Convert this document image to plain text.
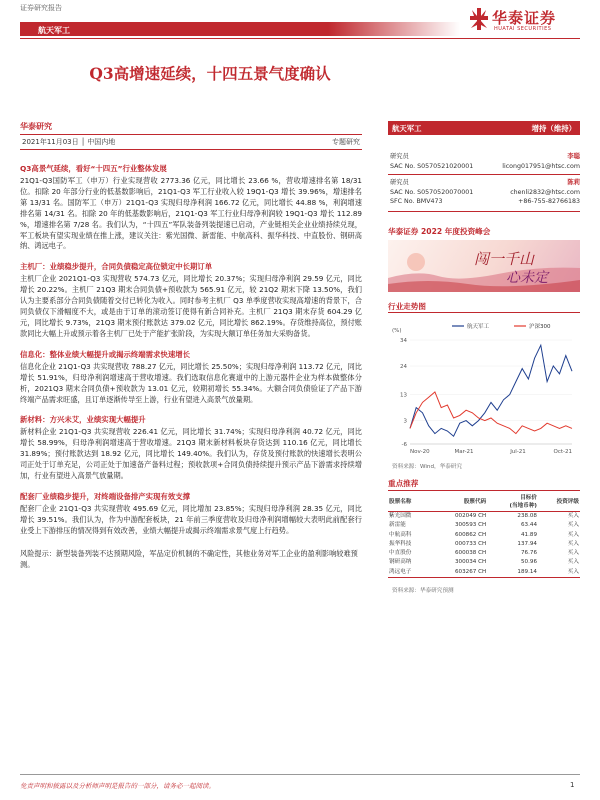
证券研究报告
航天军工
华泰证券
HUATAI SECURITIES
Q3高增速延续，十四五景气度确认
华泰研究
2021年11月03日 │ 中国内地	专题研究
Q3高景气延续，看好“十四五”行业整体发展

21Q1-Q3国防军工（申万）行业实现营收 2773.36 亿元，同比增长 23.66 %，营收增速排名第 18/31 位。扣除 20 年部分行业的低基数影响后，21Q1-Q3 军工行业收入较 19Q1-Q3 增长 39.96%，增速排名第 13/31 名。国防军工（申万）21Q1-Q3 实现归母净利润 166.72 亿元，同比增长 44.88 %，利润增速排名第 14/31 名。扣除 20 年的低基数影响后，21Q1-Q3 军工行业归母净利润较 19Q1-Q3 增长 112.89 %，增速排名第 7/28 名。我们认为，“十四五”军队装备列装提速已启动，产业链相关企业业绩持续兑现，军工板块有望实现业绩在推上涨，建议关注：紫光国微、新雷能、中航高科、振华科技、中直股份、钢研高纳、鸿远电子。

主机厂：业绩稳步提升，合同负债稳定高位锁定中长期订单

主机厂企业 2021Q1-Q3 实现营收 574.73 亿元，同比增长 20.37%；实现归母净利润 29.59 亿元，同比增长 20.22%。主机厂 21Q3 期末合同负债+预收款为 565.91 亿元，较 21Q2 期末下降 13.50%，我们认为主要系部分合同负债随着交付已转化为收入。同时参考主机厂 Q3 单季度营收实现高增速的背景下，合同负债仅下滑幅度不大，或是由于订单的滚动签订使得有新合同补充。主机厂 21Q3 期末存货 604.29 亿元，同比增长 9.73%，21Q3 期末预付账款达 379.02 亿元，同比增长 862.19%。存货维持高位，预付账款同比大幅上升或预示着各主机厂已处于产能扩张阶段，为实现大额订单任务加大采购备货。

信息化：整体业绩大幅提升或揭示终端需求快速增长

信息化企业 21Q1-Q3 共实现营收 788.27 亿元，同比增长 25.50%；实现归母净利润 113.72 亿元，同比增长 51.91%，归母净利润增速高于营收增速。我们选取信息化赛道中的上游元器件企业为样本做整体分析，2021Q3 期末合同负债+预收款为 13.01 亿元，较期初增长 55.34%。大额合同负债验证了产品下游终端产品需求旺盛，且订单逐渐传导至上游，行业有望进入高景气放量期。

新材料：方兴未艾，业绩实现大幅提升

新材料企业 21Q1-Q3 共实现营收 226.41 亿元，同比增长 31.74%；实现归母净利润 40.72 亿元，同比增长 58.99%，归母净利润增速高于营收增速。21Q3 期末新材料板块存货达到 110.16 亿元，同比增长 31.89%；预付账款达到 18.92 亿元，同比增长 149.40%。我们认为，存货及预付账款的快速增长表明公司正处于订单充足，公司正处于加速备产备料过程；预收款项+合同负债持续提升预示产品下游需求持续增加，行业有望进入高景气放量期。

配套厂业绩稳步提升，对终端设备排产实现有效支撑

配套厂企业 21Q1-Q3 共实现营收 495.69 亿元，同比增加 23.85%；实现归母净利润 28.35 亿元，同比增长 39.51%。我们认为，作为中游配套板块，21 年前三季度营收及归母净利润增幅较大表明此前配套行业受上下游排压的情况得到有效改善，业绩大幅提升或揭示终端需求景气度上行趋势。

风险提示：新型装备列装不达预期风险，军品定价机制的不确定性，其他业务对军工企业的盈利影响较难预测。

航天军工	增持（维持）
研究员	李聪
SAC No. S0570521020001	licong017951@htsc.com
研究员	陈莉
SAC No. S0570520070001	chenli2832@htsc.com
SFC No. BMV473	+86-755-82766183
华泰证券 2022 年度投资峰会
闯一千山
心未定
行业走势图
(%)
-6
3
13
24
34
Nov-20	Mar-21	Jul-21	Oct-21
航天军工	沪深300
资料来源：Wind，华泰研究
重点推荐
股票名称	股票代码	目标价
(当地币种)	投资评级
紫光国微	002049 CH	238.08	买入
新雷能	300593 CH	63.44	买入
中航高科	600862 CH	41.89	买入
振华科技	000733 CH	137.94	买入
中直股份	600038 CH	76.76	买入
钢研高纳	300034 CH	50.96	买入
鸿远电子	603267 CH	189.14	买入
资料来源：华泰研究预测
免责声明和披露以及分析师声明是报告的一部分，请务必一起阅读。	1
